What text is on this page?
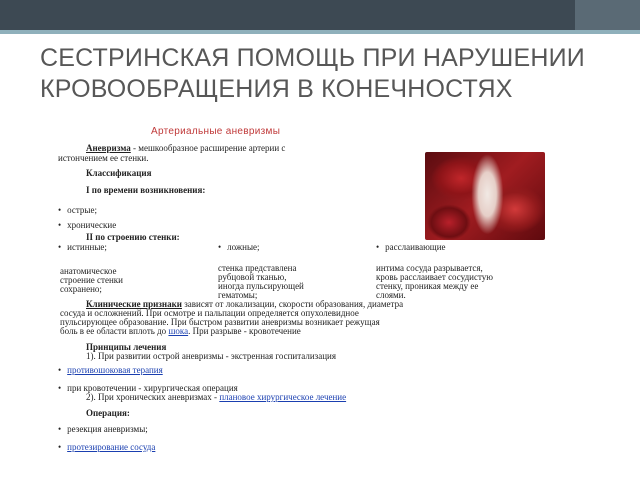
СЕСТРИНСКАЯ ПОМОЩЬ ПРИ НАРУШЕНИИ
КРОВООБРАЩЕНИЯ В КОНЕЧНОСТЯХ
Артериальные аневризмы
Аневризма - мешкообразное расширение артерии с
истончением ее стенки.
Классификация
I по времени возникновения:
• острые;
• хронические
II по строению стенки:
• истинные;	• ложные;	• расслаивающие
анатомическое
строение стенки
сохранено;
стенка представлена
рубцовой тканью,
иногда пульсирующей
гематомы;
интима сосуда разрывается,
кровь расслаивает сосудистую
стенку, проникая между ее
слоями.
Клинические признаки зависят от локализации, скорости образования, диаметра
сосуда и осложнений. При осмотре и пальпации определяется опухолевидное
пульсирующее образование. При быстром развитии аневризмы возникает режущая
боль в ее области вплоть до шока. При разрыве - кровотечение
Принципы лечения
1). При развитии острой аневризмы - экстренная госпитализация
• противошоковая терапия
• при кровотечении - хирургическая операция
2). При хронических аневризмах - плановое хирургическое лечение
Операция:
• резекция аневризмы;
• протезирование сосуда
